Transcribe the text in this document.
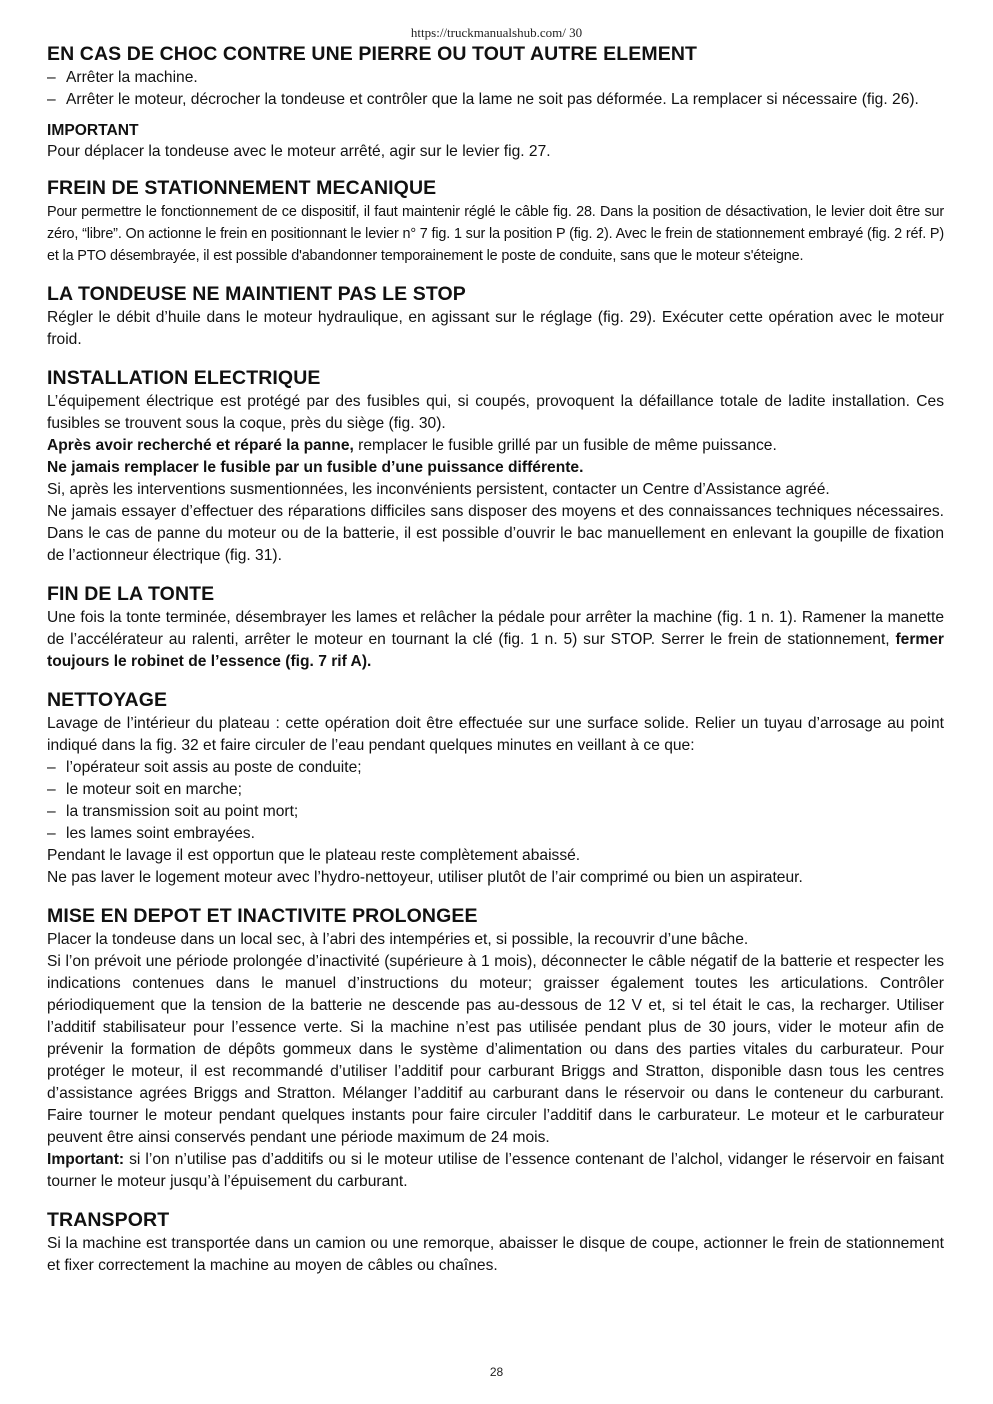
https://truckmanualshub.com/ 30
EN CAS DE CHOC CONTRE UNE PIERRE OU TOUT AUTRE ELEMENT
– Arrêter la machine.
– Arrêter le moteur, décrocher la tondeuse et contrôler que la lame ne soit pas déformée. La remplacer si nécessaire (fig. 26).
IMPORTANT

Pour déplacer la tondeuse avec le moteur arrêté, agir sur le levier fig. 27.

FREIN DE STATIONNEMENT MECANIQUE

Pour permettre le fonctionnement de ce dispositif, il faut maintenir réglé le câble fig. 28. Dans la position de désactivation, le levier doit être sur zéro, “libre”. On actionne le frein en positionnant le levier n° 7 fig. 1 sur la position P (fig. 2). Avec le frein de stationnement embrayé (fig. 2 réf. P) et la PTO désembrayée, il est possible d'abandonner temporainement le poste de conduite, sans que le moteur s'éteigne.

LA TONDEUSE NE MAINTIENT PAS LE STOP

Régler le débit d’huile dans le moteur hydraulique, en agissant sur le réglage (fig. 29). Exécuter cette opération avec le moteur froid.

INSTALLATION ELECTRIQUE

L’équipement électrique est protégé par des fusibles qui, si coupés, provoquent la défaillance totale de ladite installation. Ces fusibles se trouvent sous la coque, près du siège (fig. 30).

Après avoir recherché et réparé la panne, remplacer le fusible grillé par un fusible de même puissance.

Ne jamais remplacer le fusible par un fusible d’une puissance différente.

Si, après les interventions susmentionnées, les inconvénients persistent, contacter un Centre d’Assistance agréé.

Ne jamais essayer d’effectuer des réparations difficiles sans disposer des moyens et des connaissances techniques nécessaires. Dans le cas de panne du moteur ou de la batterie, il est possible d’ouvrir le bac manuellement en enlevant la goupille de fixation de l’actionneur électrique (fig. 31).

FIN DE LA TONTE

Une fois la tonte terminée, désembrayer les lames et relâcher la pédale pour arrêter la machine (fig. 1 n. 1). Ramener la manette de l’accélérateur au ralenti, arrêter le moteur en tournant la clé (fig. 1 n. 5) sur STOP. Serrer le frein de stationnement, fermer toujours le robinet de l’essence (fig. 7 rif A).

NETTOYAGE

Lavage de l’intérieur du plateau : cette opération doit être effectuée sur une surface solide. Relier un tuyau d’arrosage au point indiqué dans la fig. 32 et faire circuler de l’eau pendant quelques minutes en veillant à ce que:

– l’opérateur soit assis au poste de conduite;
– le moteur soit en marche;
– la transmission soit au point mort;
– les lames soint embrayées.

Pendant le lavage il est opportun que le plateau reste complètement abaissé.

Ne pas laver le logement moteur avec l’hydro-nettoyeur, utiliser plutôt de l’air comprimé ou bien un aspirateur.

MISE EN DEPOT ET INACTIVITE PROLONGEE

Placer la tondeuse dans un local sec, à l’abri des intempéries et, si possible, la recouvrir d’une bâche.

Si l’on prévoit une période prolongée d’inactivité (supérieure à 1 mois), déconnecter le câble négatif de la batterie et respecter les indications contenues dans le manuel d’instructions du moteur; graisser également toutes les articulations. Contrôler périodiquement que la tension de la batterie ne descende pas au-dessous de 12 V et, si tel était le cas, la recharger. Utiliser l’additif stabilisateur pour l’essence verte. Si la machine n’est pas utilisée pendant plus de 30 jours, vider le moteur afin de prévenir la formation de dépôts gommeux dans le système d’alimentation ou dans des parties vitales du carburateur. Pour protéger le moteur, il est recommandé d’utiliser l’additif pour carburant Briggs and Stratton, disponible dasn tous les centres d’assistance agrées Briggs and Stratton. Mélanger l’additif au carburant dans le réservoir ou dans le conteneur du carburant. Faire tourner le moteur pendant quelques instants pour faire circuler l’additif dans le carburateur. Le moteur et le carburateur peuvent être ainsi conservés pendant une période maximum de 24 mois.

Important: si l’on n’utilise pas d’additifs ou si le moteur utilise de l’essence contenant de l’alchol, vidanger le réservoir en faisant tourner le moteur jusqu’à l’épuisement du carburant.

TRANSPORT

Si la machine est transportée dans un camion ou une remorque, abaisser le disque de coupe, actionner le frein de stationnement et fixer correctement la machine au moyen de câbles ou chaînes.

28
